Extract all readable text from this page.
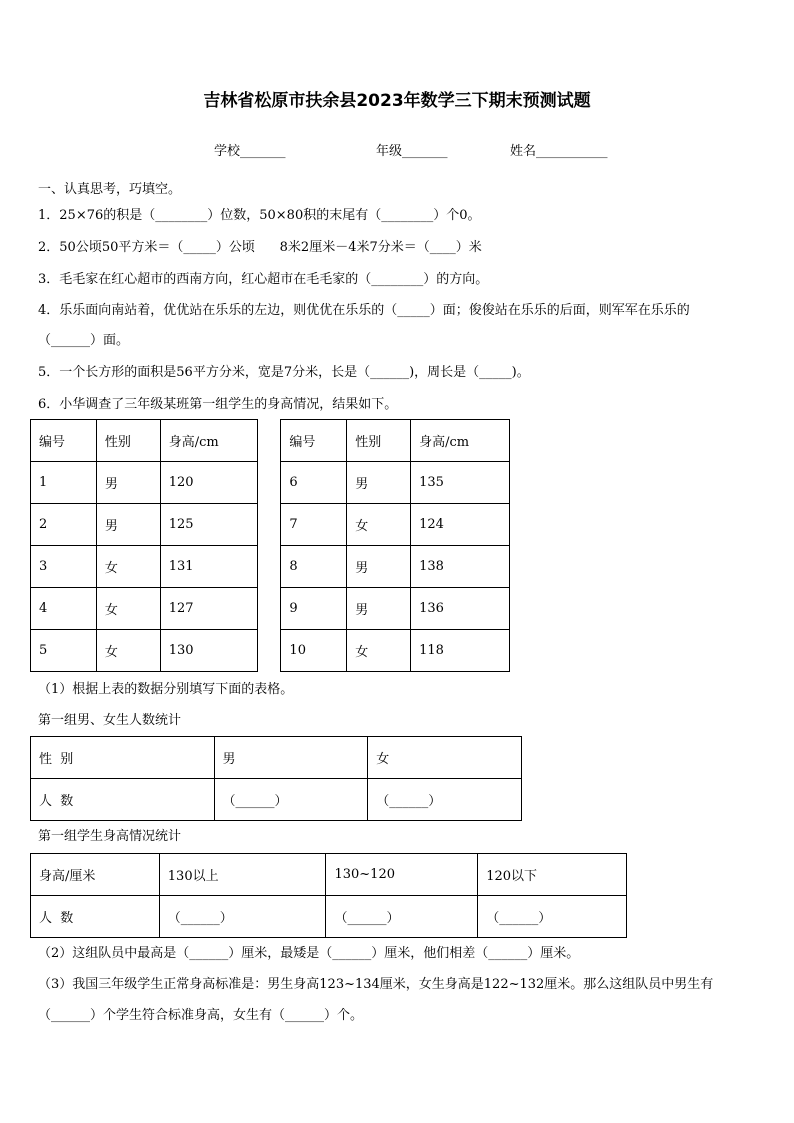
吉林省松原市扶余县2023年数学三下期末预测试题
学校_______	年级_______	姓名___________
一、认真思考，巧填空。
1．25×76的积是（________）位数，50×80积的末尾有（________）个0。
2．50公顷50平方米＝（_____）公顷      8米2厘米－4米7分米＝（____）米
3．毛毛家在红心超市的西南方向，红心超市在毛毛家的（________）的方向。
4．乐乐面向南站着，优优站在乐乐的左边，则优优在乐乐的（_____）面；俊俊站在乐乐的后面，则军军在乐乐的
（______）面。
5．一个长方形的面积是56平方分米，宽是7分米，长是（______)，周长是（_____)。
6．小华调查了三年级某班第一组学生的身高情况，结果如下。
编号	性别	身高/cm		编号	性别	身高/cm
1	男	120		6	男	135
2	男	125		7	女	124
3	女	131		8	男	138
4	女	127		9	男	136
5	女	130		10	女	118
（1）根据上表的数据分别填写下面的表格。
第一组男、女生人数统计
性  别	男	女
人  数	（______）	（______）
第一组学生身高情况统计
身高/厘米	130以上	130~120	120以下
人  数	（______）	（______）	（______）
（2）这组队员中最高是（______）厘米，最矮是（______）厘米，他们相差（______）厘米。
（3）我国三年级学生正常身高标准是：男生身高123~134厘米，女生身高是122~132厘米。那么这组队员中男生有
（______）个学生符合标准身高，女生有（______）个。
